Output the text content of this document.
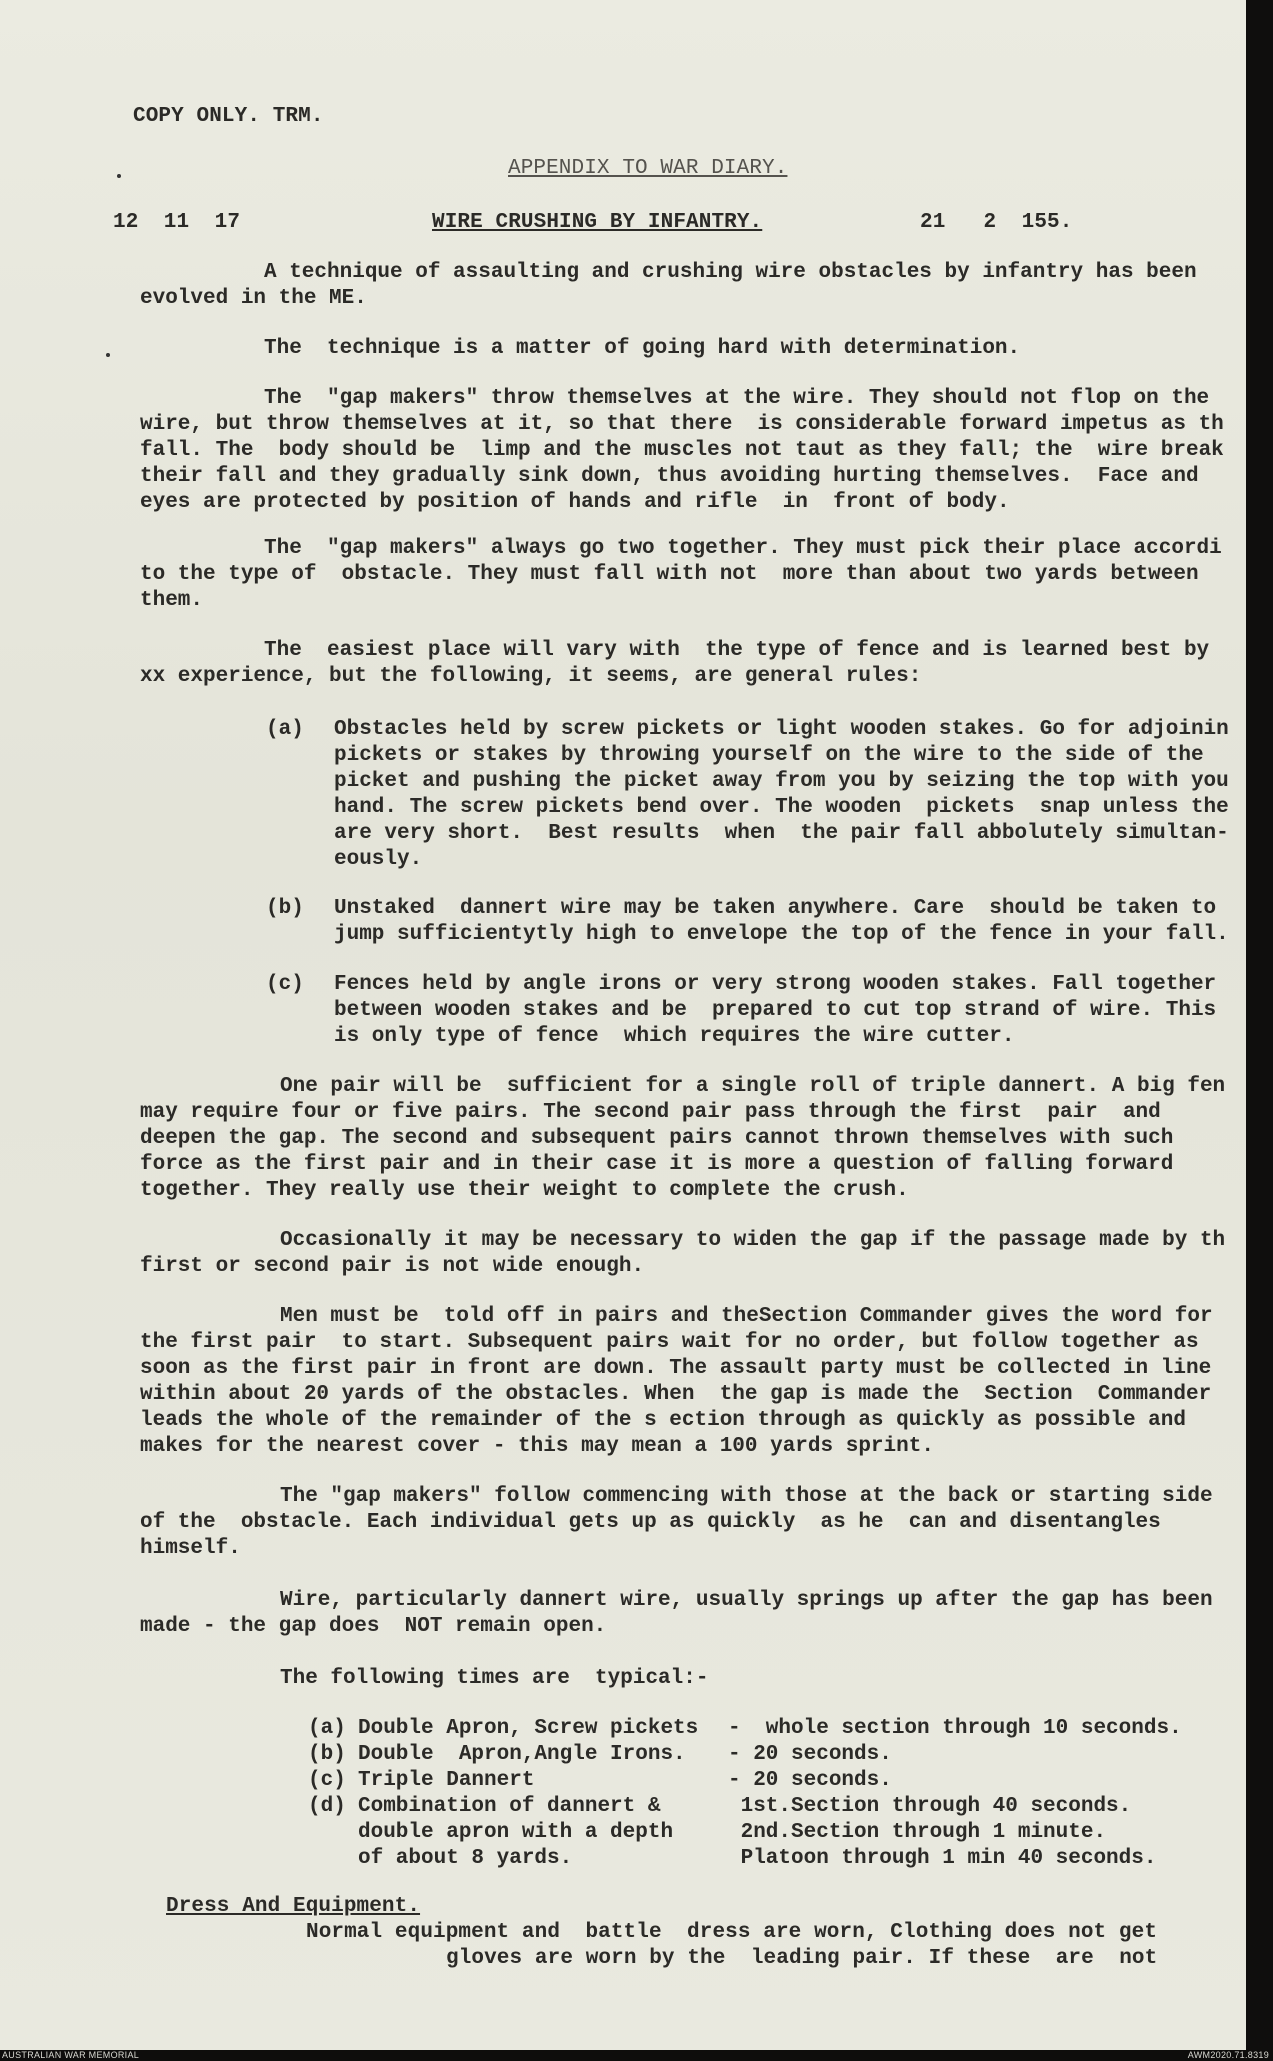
COPY ONLY. TRM.
APPENDIX TO WAR DIARY.
12  11  17	WIRE CRUSHING BY INFANTRY.	21   2  155.
A technique of assaulting and crushing wire obstacles by infantry has been
evolved in the ME.
The  technique is a matter of going hard with determination.
The  "gap makers" throw themselves at the wire. They should not flop on the
wire, but throw themselves at it, so that there  is considerable forward impetus as th
fall. The  body should be  limp and the muscles not taut as they fall; the  wire break
their fall and they gradually sink down, thus avoiding hurting themselves.  Face and
eyes are protected by position of hands and rifle  in  front of body.
The  "gap makers" always go two together. They must pick their place accordi
to the type of  obstacle. They must fall with not  more than about two yards between
them.
The  easiest place will vary with  the type of fence and is learned best by
xx experience, but the following, it seems, are general rules:
(a) Obstacles held by screw pickets or light wooden stakes. Go for adjoinin
pickets or stakes by throwing yourself on the wire to the side of the
picket and pushing the picket away from you by seizing the top with you
hand. The screw pickets bend over. The wooden  pickets  snap unless the
are very short.  Best results  when  the pair fall abbolutely simultan-
eously.
(b) Unstaked  dannert wire may be taken anywhere. Care  should be taken to
jump sufficientytly high to envelope the top of the fence in your fall.
(c) Fences held by angle irons or very strong wooden stakes. Fall together
between wooden stakes and be  prepared to cut top strand of wire. This
is only type of fence  which requires the wire cutter.
One pair will be  sufficient for a single roll of triple dannert. A big fen
may require four or five pairs. The second pair pass through the first  pair  and
deepen the gap. The second and subsequent pairs cannot thrown themselves with such
force as the first pair and in their case it is more a question of falling forward
together. They really use their weight to complete the crush.
Occasionally it may be necessary to widen the gap if the passage made by th
first or second pair is not wide enough.
Men must be  told off in pairs and theSection Commander gives the word for
the first pair  to start. Subsequent pairs wait for no order, but follow together as
soon as the first pair in front are down. The assault party must be collected in line
within about 20 yards of the obstacles. When  the gap is made the  Section  Commander
leads the whole of the remainder of the s ection through as quickly as possible and
makes for the nearest cover - this may mean a 100 yards sprint.
The "gap makers" follow commencing with those at the back or starting side
of the  obstacle. Each individual gets up as quickly  as he  can and disentangles
himself.
Wire, particularly dannert wire, usually springs up after the gap has been
made - the gap does  NOT remain open.
The following times are  typical:-
(a) Double Apron, Screw pickets -  whole section through 10 seconds.
(b) Double  Apron,Angle Irons. - 20 seconds.
(c) Triple Dannert	- 20 seconds.
(d) Combination of dannert &	1st.Section through 40 seconds.
double apron with a depth	2nd.Section through 1 minute.
of about 8 yards.	Platoon through 1 min 40 seconds.
Dress And Equipment.
Normal equipment and  battle  dress are worn, Clothing does not get
gloves are worn by the  leading pair. If these  are  not
AUSTRALIAN WAR MEMORIAL	AWM2020.71.8319
